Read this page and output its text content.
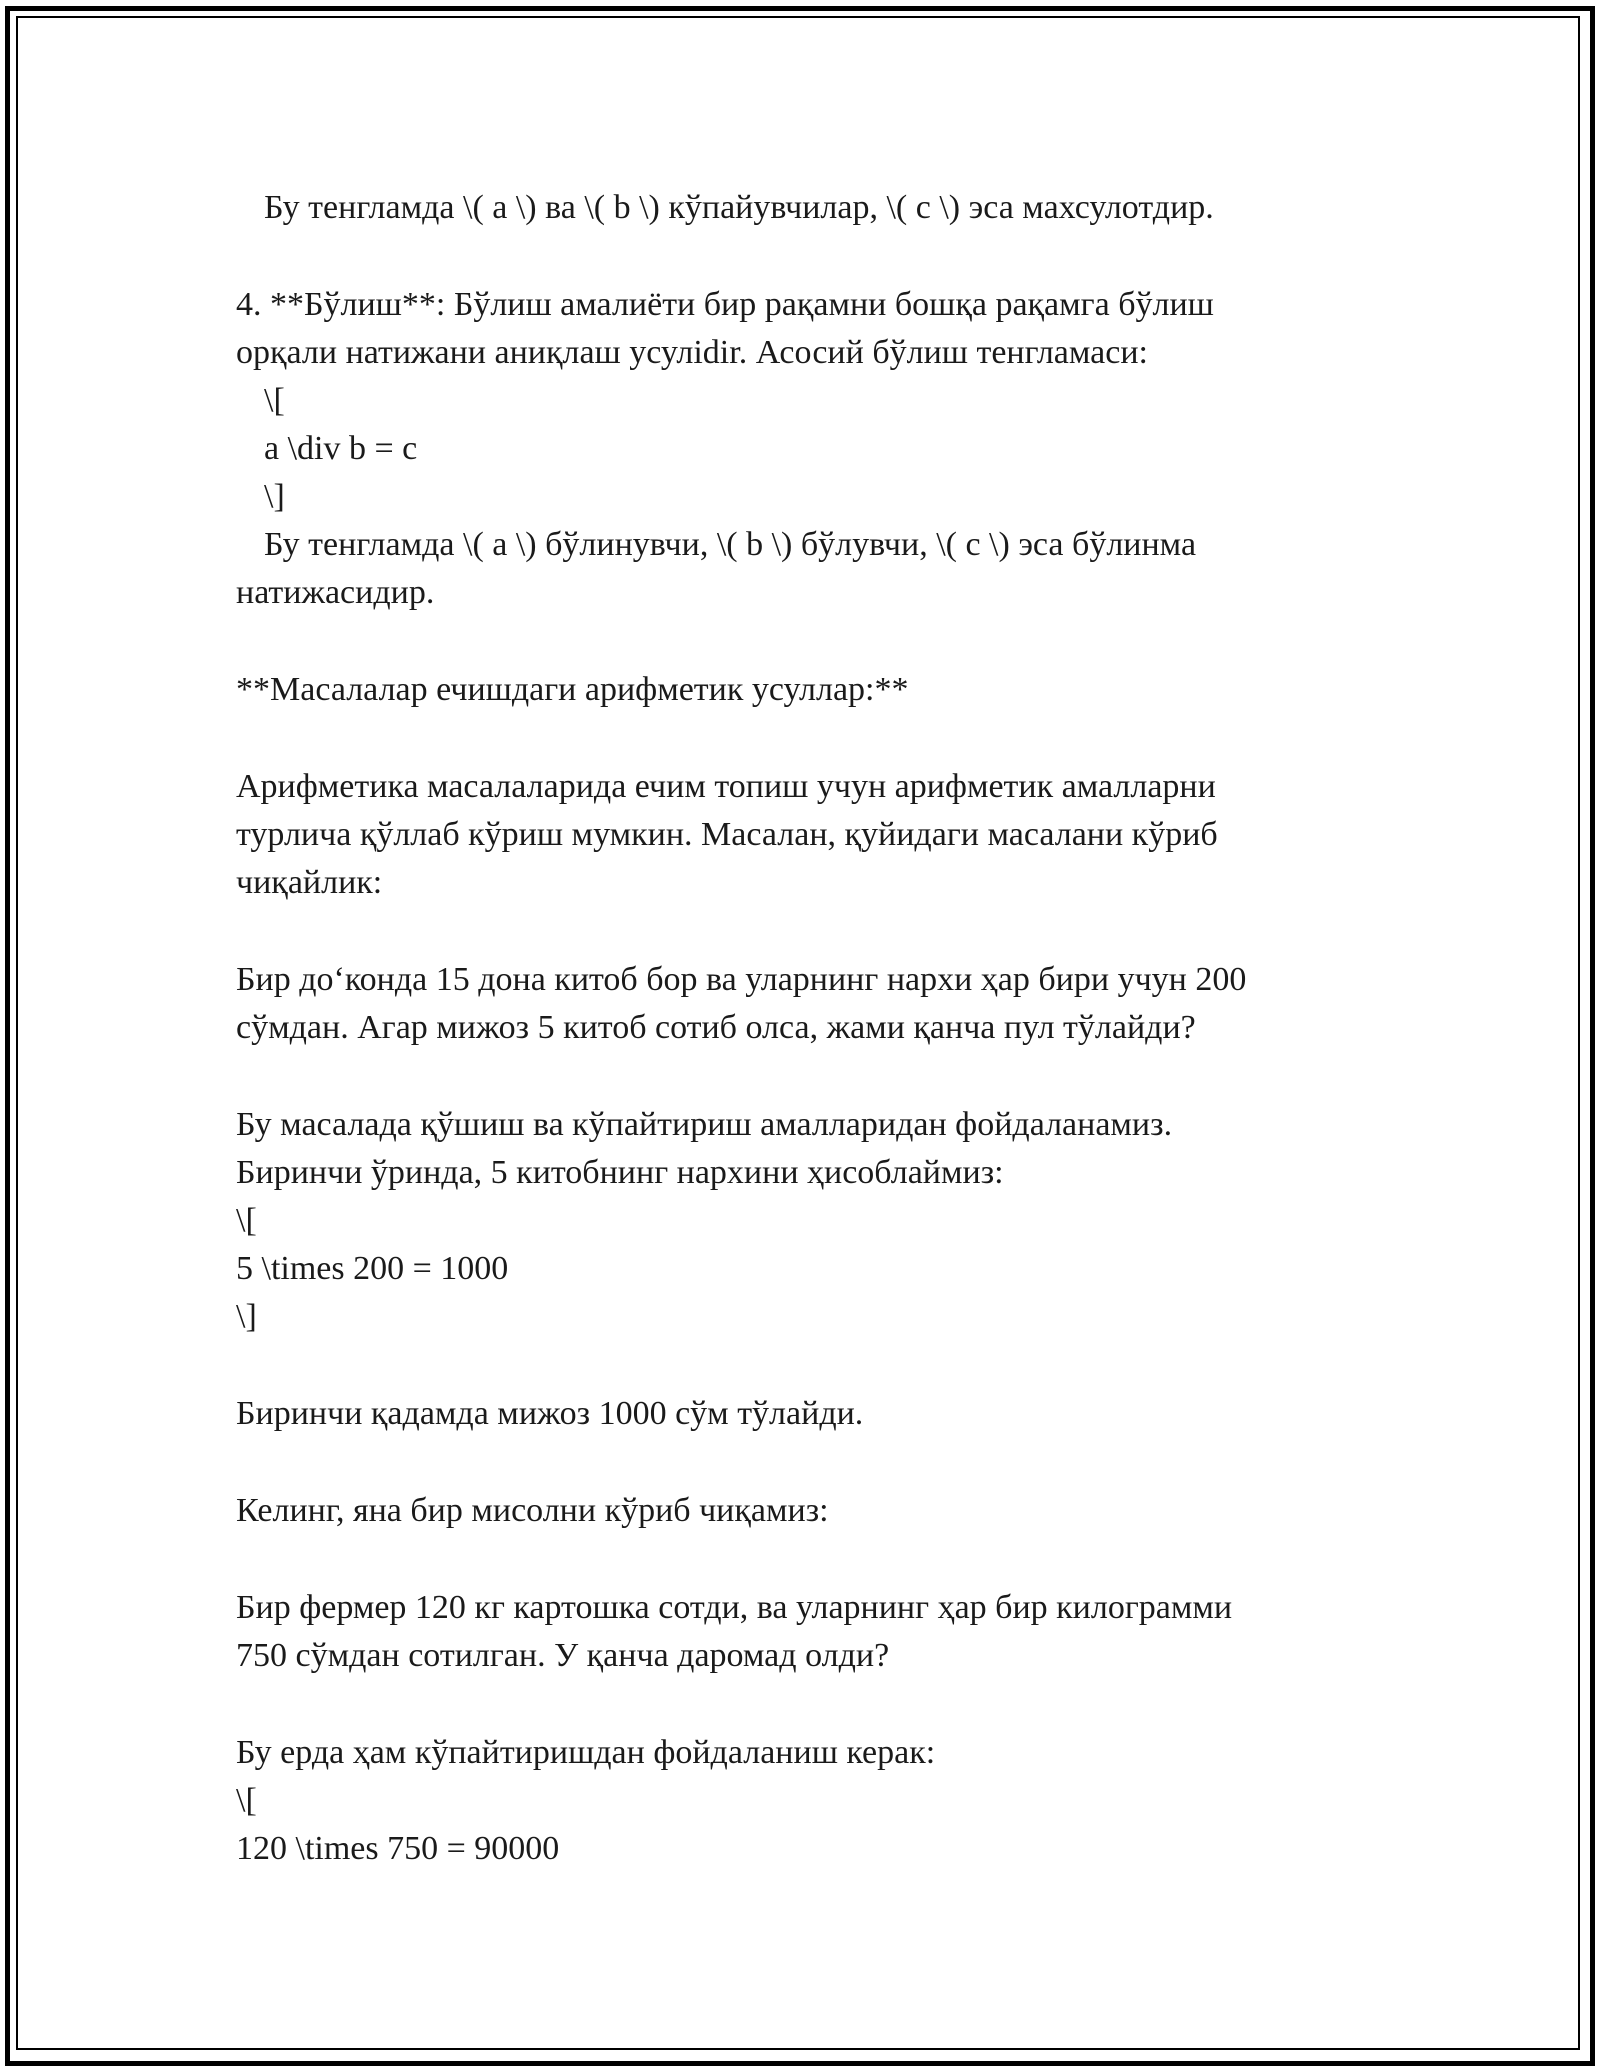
Бу тенгламда \( a \) ва \( b \) кўпайувчилар, \( c \) эса махсулотдир.
4. **Бўлиш**: Бўлиш амалиёти бир рақамни бошқа рақамга бўлиш
орқали натижани аниқлаш усулidir. Асосий бўлиш тенгламаси:
\[
a \div b = c
\]
Бу тенгламда \( a \) бўлинувчи, \( b \) бўлувчи, \( c \) эса бўлинма
натижасидир.
**Масалалар ечишдаги арифметик усуллар:**
Арифметика масалаларида ечим топиш учун арифметик амалларни
турлича қўллаб кўриш мумкин. Масалан, қуйидаги масалани кўриб
чиқайлик:
Бир доʻконда 15 дона китоб бор ва уларнинг нархи ҳар бири учун 200
сўмдан. Агар мижоз 5 китоб сотиб олса, жами қанча пул тўлайди?
Бу масалада қўшиш ва кўпайтириш амалларидан фойдаланамиз.
Биринчи ўринда, 5 китобнинг нархини ҳисоблаймиз:
\[
5 \times 200 = 1000
\]
Биринчи қадамда мижоз 1000 сўм тўлайди.
Келинг, яна бир мисолни кўриб чиқамиз:
Бир фермер 120 кг картошка сотди, ва уларнинг ҳар бир килограмми
750 сўмдан сотилган. У қанча даромад олди?
Бу ерда ҳам кўпайтиришдан фойдаланиш керак:
\[
120 \times 750 = 90000
